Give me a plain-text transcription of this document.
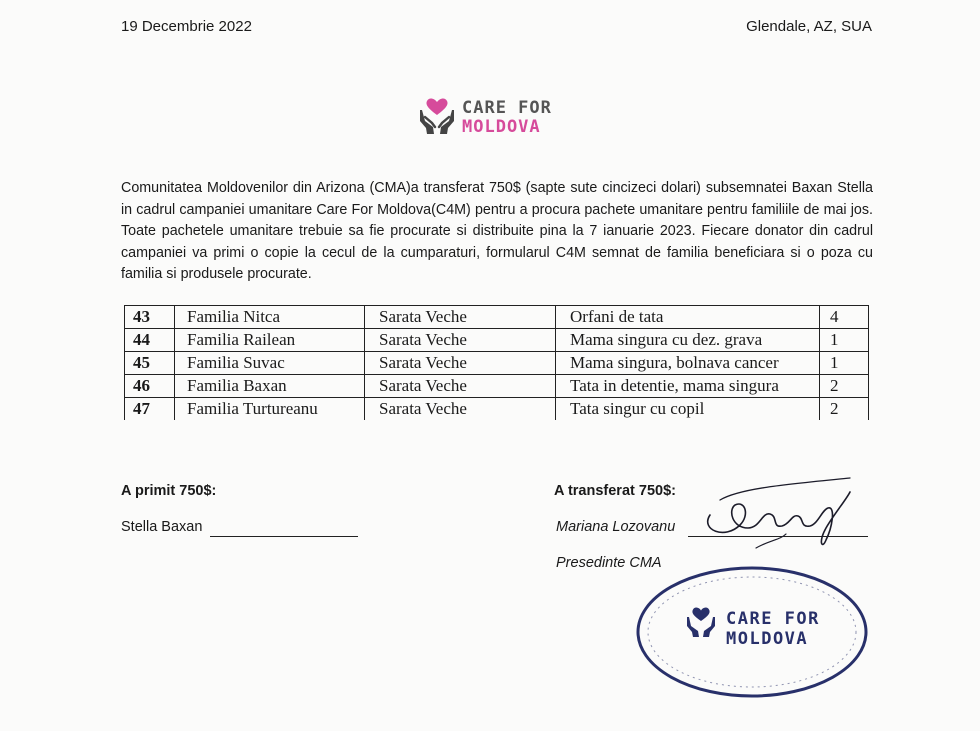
19 Decembrie 2022	Glendale, AZ, SUA
CARE FOR
MOLDOVA
Comunitatea Moldovenilor din Arizona (CMA)a transferat 750$ (sapte sute cincizeci dolari) subsemnatei Baxan Stella in cadrul campaniei umanitare Care For Moldova(C4M) pentru a procura pachete umanitare pentru familiile de mai jos. Toate pachetele umanitare trebuie sa fie procurate si distribuite pina la 7 ianuarie 2023. Fiecare donator din cadrul campaniei va primi o copie la cecul de la cumparaturi, formularul C4M semnat de familia beneficiara si o poza cu familia si produsele procurate.
43	Familia Nitca	Sarata Veche	Orfani de tata	4
44	Familia Railean	Sarata Veche	Mama singura cu dez. grava	1
45	Familia Suvac	Sarata Veche	Mama singura, bolnava cancer	1
46	Familia Baxan	Sarata Veche	Tata in detentie, mama singura	2
47	Familia Turtureanu	Sarata Veche	Tata singur cu copil	2
A primit 750$:
Stella Baxan
A transferat 750$:
Mariana Lozovanu
Presedinte CMA
CARE FOR
MOLDOVA
